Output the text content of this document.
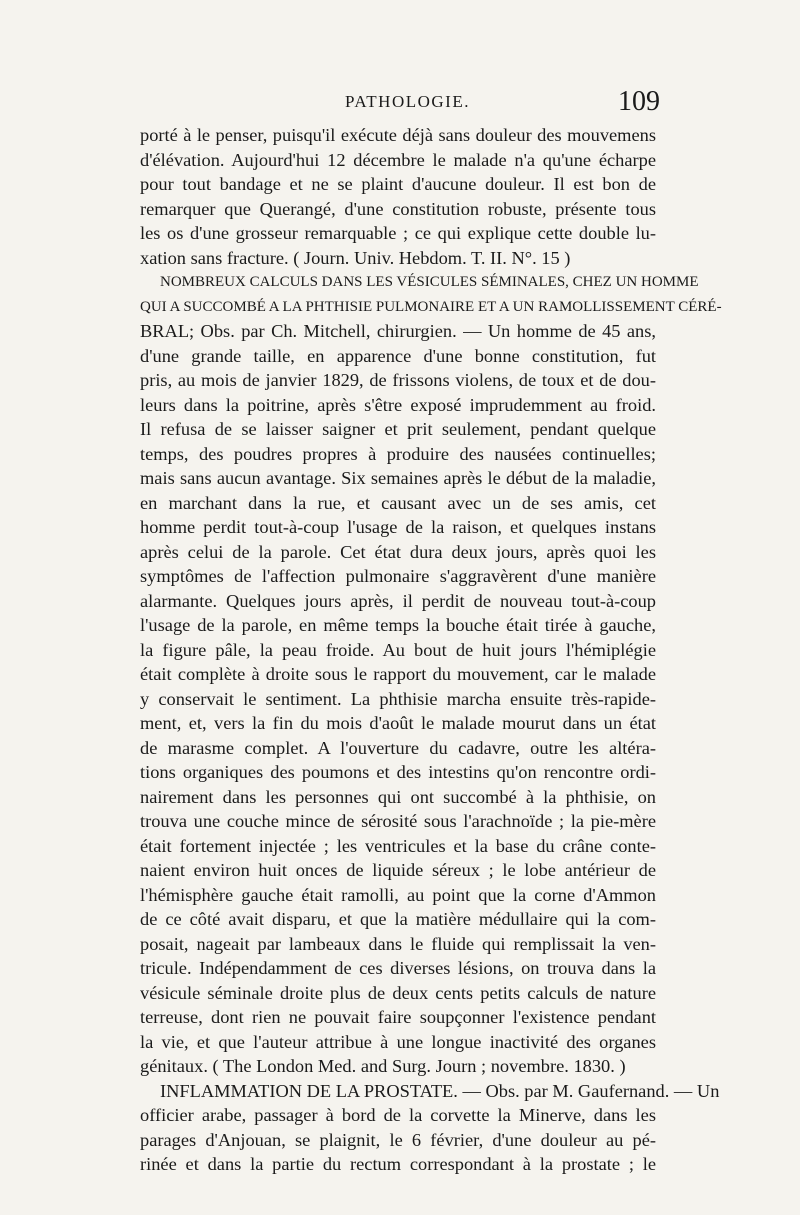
PATHOLOGIE.	109
porté à le penser, puisqu'il exécute déjà sans douleur des mouvemens
d'élévation. Aujourd'hui 12 décembre le malade n'a qu'une écharpe
pour tout bandage et ne se plaint d'aucune douleur. Il est bon de
remarquer que Querangé, d'une constitution robuste, présente tous
les os d'une grosseur remarquable ; ce qui explique cette double lu-
xation sans fracture. ( Journ. Univ. Hebdom. T. II. N°. 15 )
NOMBREUX CALCULS DANS LES VÉSICULES SÉMINALES, CHEZ UN HOMME
QUI A SUCCOMBÉ A LA PHTHISIE PULMONAIRE ET A UN RAMOLLISSEMENT CÉRÉ-
BRAL; Obs. par Ch. Mitchell, chirurgien. — Un homme de 45 ans,
d'une grande taille, en apparence d'une bonne constitution, fut
pris, au mois de janvier 1829, de frissons violens, de toux et de dou-
leurs dans la poitrine, après s'être exposé imprudemment au froid.
Il refusa de se laisser saigner et prit seulement, pendant quelque
temps, des poudres propres à produire des nausées continuelles;
mais sans aucun avantage. Six semaines après le début de la maladie,
en marchant dans la rue, et causant avec un de ses amis, cet
homme perdit tout-à-coup l'usage de la raison, et quelques instans
après celui de la parole. Cet état dura deux jours, après quoi les
symptômes de l'affection pulmonaire s'aggravèrent d'une manière
alarmante. Quelques jours après, il perdit de nouveau tout-à-coup
l'usage de la parole, en même temps la bouche était tirée à gauche,
la figure pâle, la peau froide. Au bout de huit jours l'hémiplégie
était complète à droite sous le rapport du mouvement, car le malade
y conservait le sentiment. La phthisie marcha ensuite très-rapide-
ment, et, vers la fin du mois d'août le malade mourut dans un état
de marasme complet. A l'ouverture du cadavre, outre les altéra-
tions organiques des poumons et des intestins qu'on rencontre ordi-
nairement dans les personnes qui ont succombé à la phthisie, on
trouva une couche mince de sérosité sous l'arachnoïde ; la pie-mère
était fortement injectée ; les ventricules et la base du crâne conte-
naient environ huit onces de liquide séreux ; le lobe antérieur de
l'hémisphère gauche était ramolli, au point que la corne d'Ammon
de ce côté avait disparu, et que la matière médullaire qui la com-
posait, nageait par lambeaux dans le fluide qui remplissait la ven-
tricule. Indépendamment de ces diverses lésions, on trouva dans la
vésicule séminale droite plus de deux cents petits calculs de nature
terreuse, dont rien ne pouvait faire soupçonner l'existence pendant
la vie, et que l'auteur attribue à une longue inactivité des organes
génitaux. ( The London Med. and Surg. Journ ; novembre. 1830. )
INFLAMMATION DE LA PROSTATE. — Obs. par M. Gaufernand. — Un
officier arabe, passager à bord de la corvette la Minerve, dans les
parages d'Anjouan, se plaignit, le 6 février, d'une douleur au pé-
rinée et dans la partie du rectum correspondant à la prostate ; le
